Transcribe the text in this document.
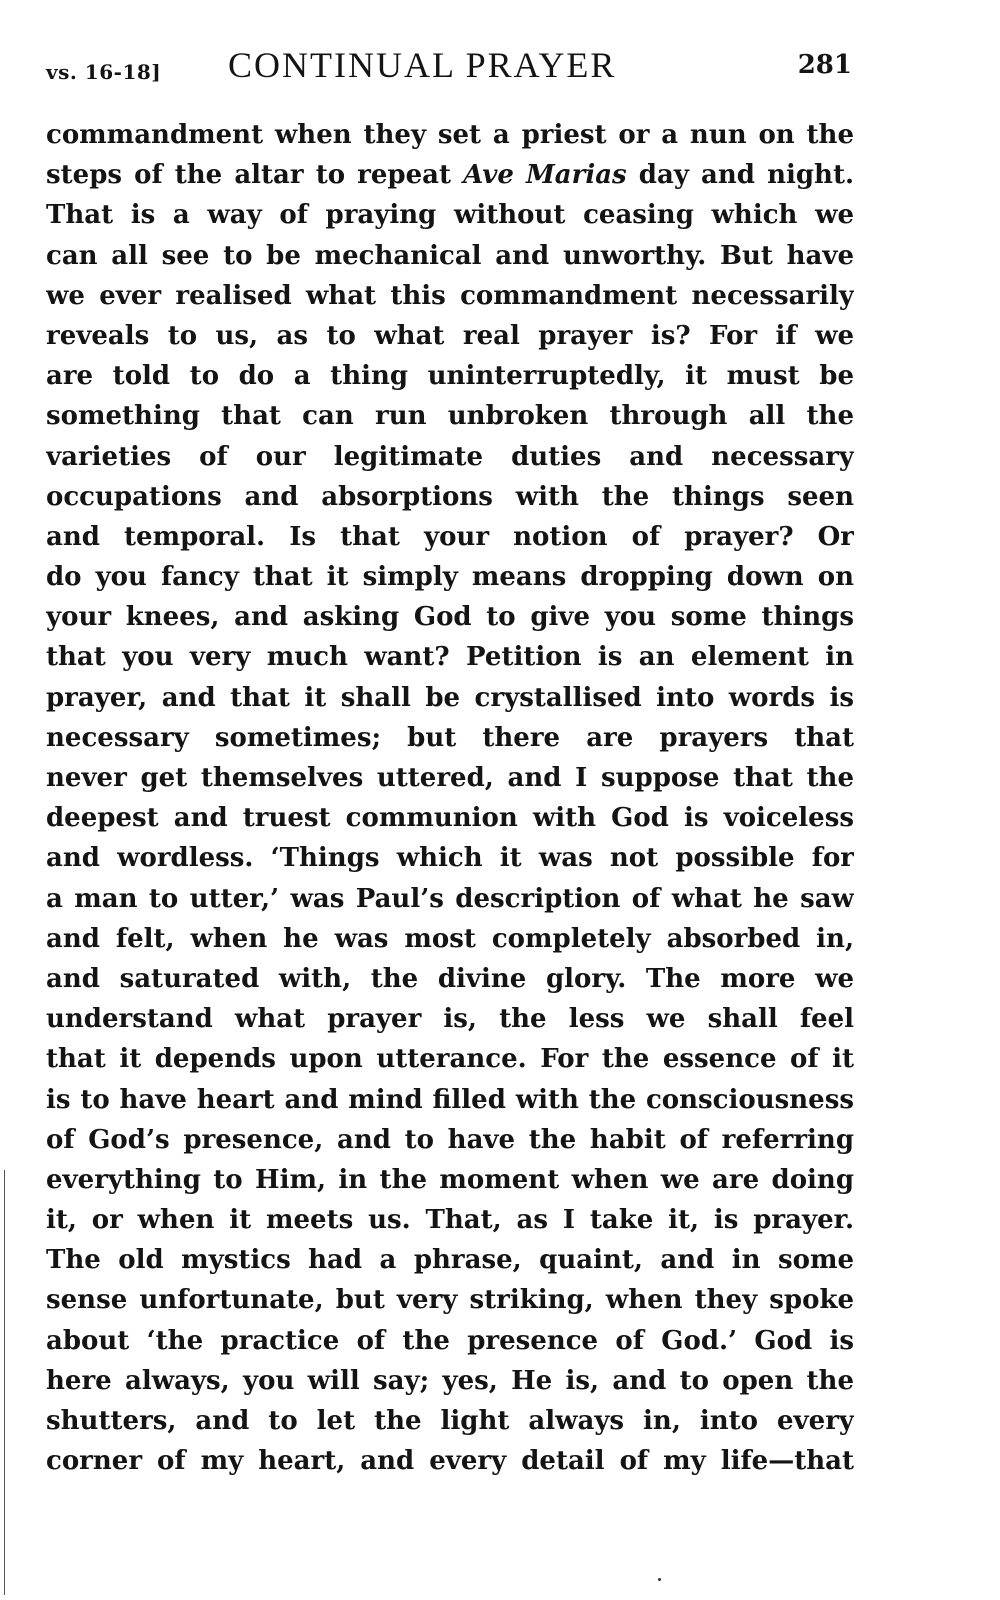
vs. 16-18] CONTINUAL PRAYER	281
commandment when they set a priest or a nun on the
steps of the altar to repeat Ave Marias day and night.
That is a way of praying without ceasing which we
can all see to be mechanical and unworthy. But have
we ever realised what this commandment necessarily
reveals to us, as to what real prayer is? For if we
are told to do a thing uninterruptedly, it must be
something that can run unbroken through all the
varieties of our legitimate duties and necessary
occupations and absorptions with the things seen
and temporal. Is that your notion of prayer? Or
do you fancy that it simply means dropping down on
your knees, and asking God to give you some things
that you very much want? Petition is an element in
prayer, and that it shall be crystallised into words is
necessary sometimes; but there are prayers that
never get themselves uttered, and I suppose that the
deepest and truest communion with God is voiceless
and wordless. ‘Things which it was not possible for
a man to utter,’ was Paul’s description of what he saw
and felt, when he was most completely absorbed in,
and saturated with, the divine glory. The more we
understand what prayer is, the less we shall feel
that it depends upon utterance. For the essence of it
is to have heart and mind filled with the consciousness
of God’s presence, and to have the habit of referring
everything to Him, in the moment when we are doing
it, or when it meets us. That, as I take it, is prayer.
The old mystics had a phrase, quaint, and in some
sense unfortunate, but very striking, when they spoke
about ‘the practice of the presence of God.’ God is
here always, you will say; yes, He is, and to open the
shutters, and to let the light always in, into every
corner of my heart, and every detail of my life—that
